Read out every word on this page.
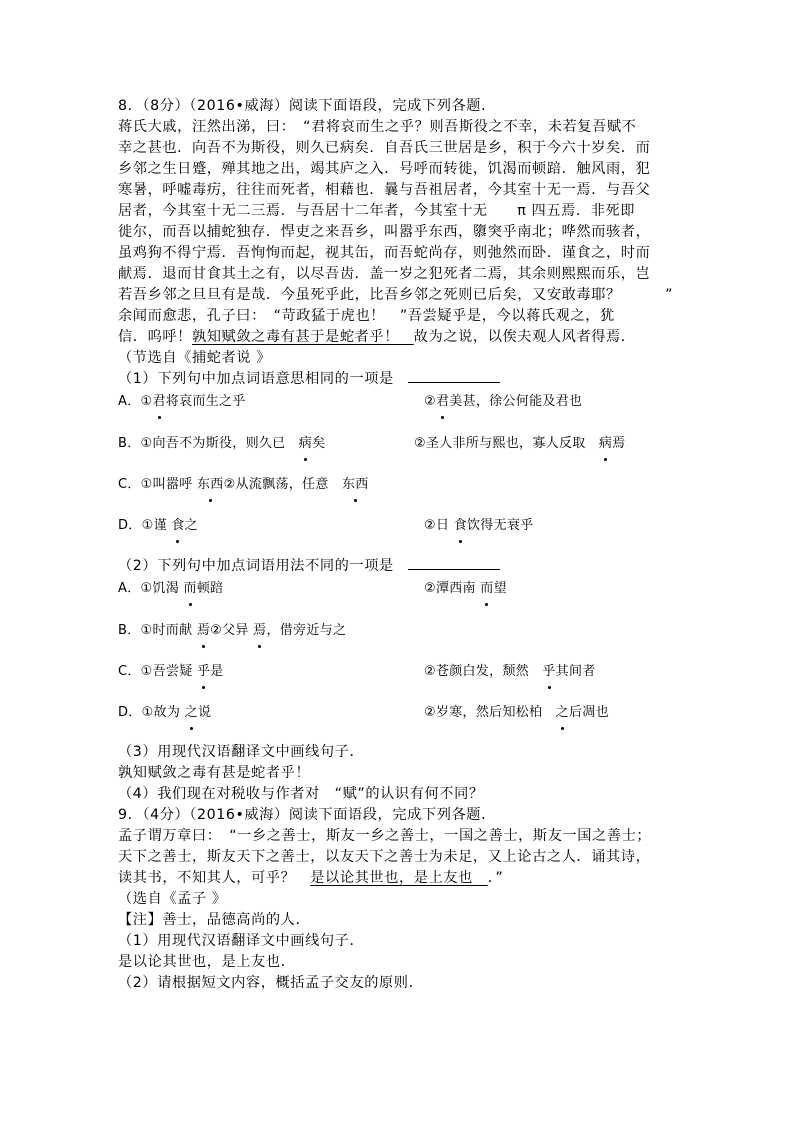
8．（8分）（2016•威海）阅读下面语段，完成下列各题．
蒋氏大戚，汪然出涕，曰：　“君将哀而生之乎？则吾斯役之不幸，未若复吾赋不
幸之甚也．向吾不为斯役，则久已病矣．自吾氏三世居是乡，积于今六十岁矣．而
乡邻之生日蹙，殚其地之出，竭其庐之入．号呼而转徙，饥渴而顿踣．触风雨，犯
寒暑，呼嘘毒疠，往往而死者，相藉也．曩与吾祖居者，今其室十无一焉．与吾父
居者，今其室十无二三焉．与吾居十二年者，今其室十无　　π 四五焉．非死即
徙尔，而吾以捕蛇独存．悍吏之来吾乡，叫嚣乎东西，隳突乎南北；哗然而骇者，
虽鸡狗不得宁焉．吾恂恂而起，视其缶，而吾蛇尚存，则弛然而卧．谨食之，时而
献焉．退而甘食其土之有，以尽吾齿．盖一岁之犯死者二焉，其余则熙熙而乐，岂
若吾乡邻之旦旦有是哉．今虽死乎此，比吾乡邻之死则已后矣，又安敢毒耶？　　　”
余闻而愈悲，孔子曰：　“苛政猛于虎也！　”吾尝疑乎是，今以蒋氏观之，犹
信．呜呼！孰知赋敛之毒有甚于是蛇者乎！　故为之说，以俟夫观人风者得焉．
（节选自《捕蛇者说 》
（1）下列句中加点词语意思相同的一项是
A．①君将哀而生之乎	②君美甚，徐公何能及君也
B．①向吾不为斯役，则久已　病矣	②圣人非所与熙也，寡人反取　病焉
C．①叫嚣呼 东西②从流飘荡，任意　东西
D．①谨 食之	②日 食饮得无衰乎
（2）下列句中加点词语用法不同的一项是
A．①饥渴 而顿踣	②潭西南 而望
B．①时而献 焉②父异 焉，借旁近与之
C．①吾尝疑 乎是	②苍颜白发，颓然　乎其间者
D．①故为 之说	②岁寒，然后知松柏　之后凋也
（3）用现代汉语翻译文中画线句子．
孰知赋敛之毒有甚是蛇者乎！
（4）我们现在对税收与作者对　“赋”的认识有何不同？
9．（4分）（2016•威海）阅读下面语段，完成下列各题．
孟子谓万章曰：　“一乡之善士，斯友一乡之善士，一国之善士，斯友一国之善士；
天下之善士，斯友天下之善士，以友天下之善士为未足，又上论古之人．诵其诗，
读其书，不知其人，可乎？　是以论其世也，是上友也　．”
（选自《孟子 》
【注】善士，品德高尚的人．
（1）用现代汉语翻译文中画线句子．
是以论其世也，是上友也．
（2）请根据短文内容，概括孟子交友的原则．
